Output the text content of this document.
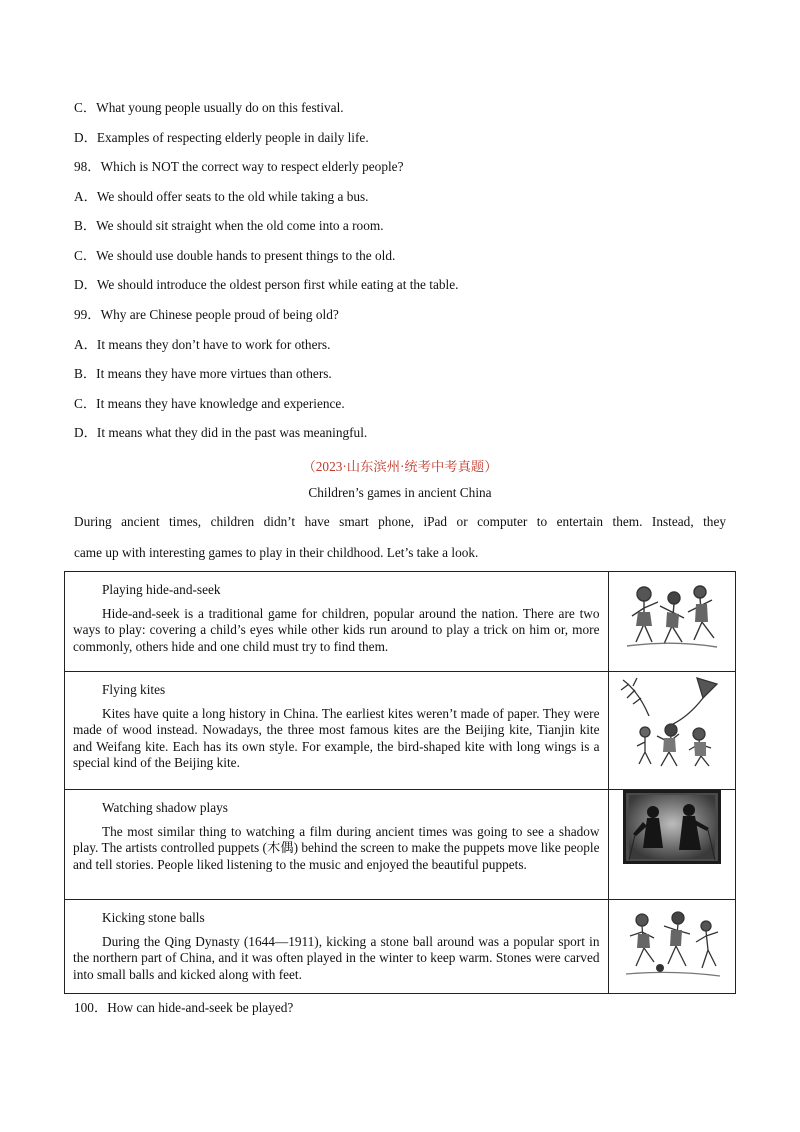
C．What young people usually do on this festival.
D．Examples of respecting elderly people in daily life.
98．Which is NOT the correct way to respect elderly people?
A．We should offer seats to the old while taking a bus.
B．We should sit straight when the old come into a room.
C．We should use double hands to present things to the old.
D．We should introduce the oldest person first while eating at the table.
99．Why are Chinese people proud of being old?
A．It means they don’t have to work for others.
B．It means they have more virtues than others.
C．It means they have knowledge and experience.
D．It means what they did in the past was meaningful.
（2023·山东滨州·统考中考真题）
Children’s games in ancient China
During ancient times, children didn’t have smart phone, iPad or computer to entertain them. Instead, they
came up with interesting games to play in their childhood. Let’s take a look.
Playing hide-and-seek

Hide-and-seek is a traditional game for children, popular around the nation. There are two ways to play: covering a child’s eyes while other kids run around to play a trick on him or, more commonly, others hide and one child must try to find them.

Flying kites

Kites have quite a long history in China. The earliest kites weren’t made of paper. They were made of wood instead. Nowadays, the three most famous kites are the Beijing kite, Tianjin kite and Weifang kite. Each has its own style. For example, the bird-shaped kite with long wings is a special kind of the Beijing kite.

Watching shadow plays

The most similar thing to watching a film during ancient times was going to see a shadow play. The artists controlled puppets (木偶) behind the screen to make the puppets move like people and tell stories. People liked listening to the music and enjoyed the beautiful puppets.

Kicking stone balls

During the Qing Dynasty (1644—1911), kicking a stone ball around was a popular sport in the northern part of China, and it was often played in the winter to keep warm. Stones were carved into small balls and kicked along with feet.

100．How can hide-and-seek be played?
